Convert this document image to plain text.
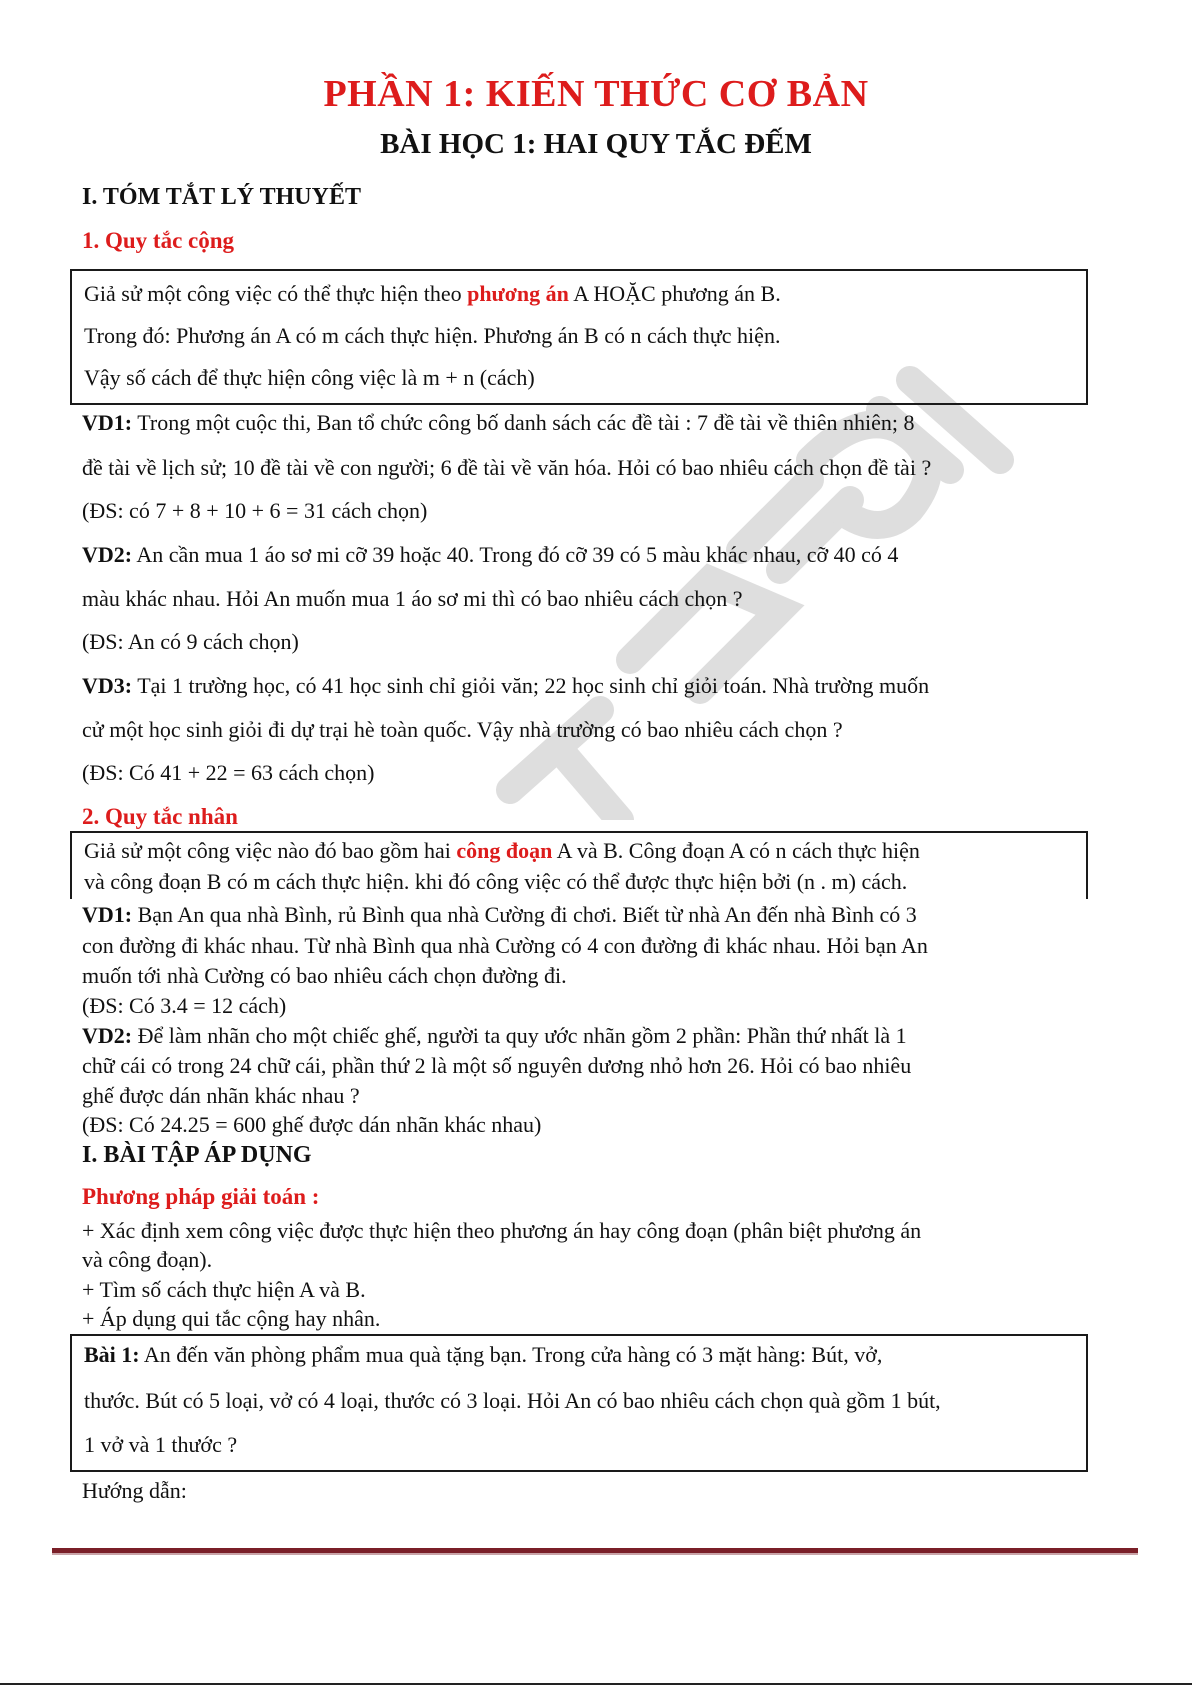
PHẦN 1: KIẾN THỨC CƠ BẢN
BÀI HỌC 1: HAI QUY TẮC ĐẾM
I. TÓM TẮT LÝ THUYẾT
1. Quy tắc cộng
Giả sử một công việc có thể thực hiện theo phương án A HOẶC phương án B.
Trong đó: Phương án A có m cách thực hiện. Phương án B có n cách thực hiện.
Vậy số cách để thực hiện công việc là m + n (cách)
VD1: Trong một cuộc thi, Ban tổ chức công bố danh sách các đề tài : 7 đề tài về thiên nhiên; 8
đề tài về lịch sử; 10 đề tài về con người; 6 đề tài về văn hóa. Hỏi có bao nhiêu cách chọn đề tài ?
(ĐS: có 7 + 8 + 10 + 6 = 31 cách chọn)
VD2: An cần mua 1 áo sơ mi cỡ 39 hoặc 40. Trong đó cỡ 39 có 5 màu khác nhau, cỡ 40 có 4
màu khác nhau. Hỏi An muốn mua 1 áo sơ mi thì có bao nhiêu cách chọn ?
(ĐS: An có 9 cách chọn)
VD3: Tại 1 trường học, có 41 học sinh chỉ giỏi văn; 22 học sinh chỉ giỏi toán. Nhà trường muốn
cử một học sinh giỏi đi dự trại hè toàn quốc. Vậy nhà trường có bao nhiêu cách chọn ?
(ĐS: Có 41 + 22 = 63 cách chọn)
2. Quy tắc nhân
Giả sử một công việc nào đó bao gồm hai công đoạn A và B. Công đoạn A có n cách thực hiện
và công đoạn B có m cách thực hiện. khi đó công việc có thể được thực hiện bởi (n . m) cách.
VD1: Bạn An qua nhà Bình, rủ Bình qua nhà Cường đi chơi. Biết từ nhà An đến nhà Bình có 3
con đường đi khác nhau. Từ nhà Bình qua nhà Cường có 4 con đường đi khác nhau. Hỏi bạn An
muốn tới nhà Cường có bao nhiêu cách chọn đường đi.
(ĐS: Có 3.4 = 12 cách)
VD2: Để làm nhãn cho một chiếc ghế, người ta quy ước nhãn gồm 2 phần: Phần thứ nhất là 1
chữ cái có trong 24 chữ cái, phần thứ 2 là một số nguyên dương nhỏ hơn 26. Hỏi có bao nhiêu
ghế được dán nhãn khác nhau ?
(ĐS: Có 24.25 = 600 ghế được dán nhãn khác nhau)
I. BÀI TẬP ÁP DỤNG
Phương pháp giải toán :
+ Xác định xem công việc được thực hiện theo phương án hay công đoạn (phân biệt phương án
và công đoạn).
+ Tìm số cách thực hiện A và B.
+ Áp dụng qui tắc cộng hay nhân.
Bài 1: An đến văn phòng phẩm mua quà tặng bạn. Trong cửa hàng có 3 mặt hàng: Bút, vở,
thước. Bút có 5 loại, vở có 4 loại, thước có 3 loại. Hỏi An có bao nhiêu cách chọn quà gồm 1 bút,
1 vở và 1 thước ?
Hướng dẫn:
